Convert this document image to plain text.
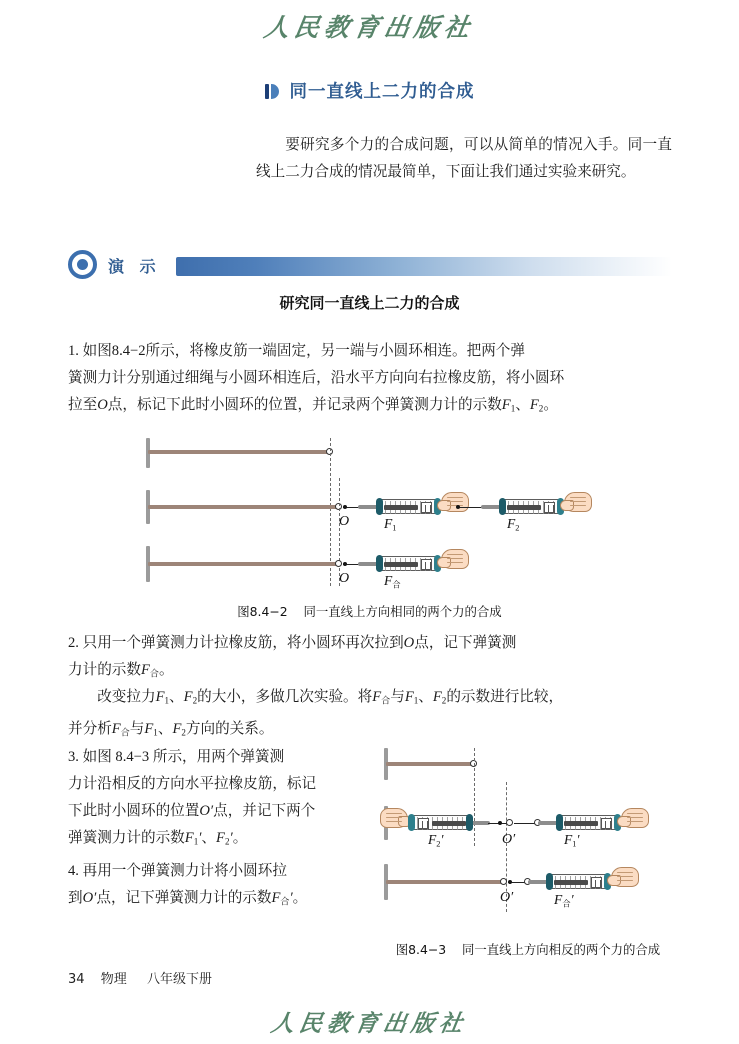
人民教育出版社
同一直线上二力的合成
要研究多个力的合成问题，可以从简单的情况入手。同一直线上二力合成的情况最简单，下面让我们通过实验来研究。
演 示
研究同一直线上二力的合成
1. 如图8.4−2所示，将橡皮筋一端固定，另一端与小圆环相连。把两个弹
簧测力计分别通过细绳与小圆环相连后，沿水平方向向右拉橡皮筋，将小圆环
拉至O点，标记下此时小圆环的位置，并记录两个弹簧测力计的示数$F_1$、$F_2$。
O	$F_1$	$F_2$
O	F合
图8.4−2 同一直线上方向相同的两个力的合成
2. 只用一个弹簧测力计拉橡皮筋，将小圆环再次拉到O点，记下弹簧测
力计的示数F合。
改变拉力$F_1$、$F_2$的大小，多做几次实验。将F合与$F_1$、$F_2$的示数进行比较，
并分析F合与$F_1$、$F_2$方向的关系。
3. 如图 8.4−3 所示，用两个弹簧测
力计沿相反的方向水平拉橡皮筋，标记
下此时小圆环的位置O′点，并记下两个
弹簧测力计的示数$F_1'$、$F_2'$。
4. 再用一个弹簧测力计将小圆环拉
到O′点，记下弹簧测力计的示数F合′。
$F_2'$	O′	$F_1'$
O′	F合′
图8.4−3 同一直线上方向相反的两个力的合成
34 物理 八年级下册
人民教育出版社
